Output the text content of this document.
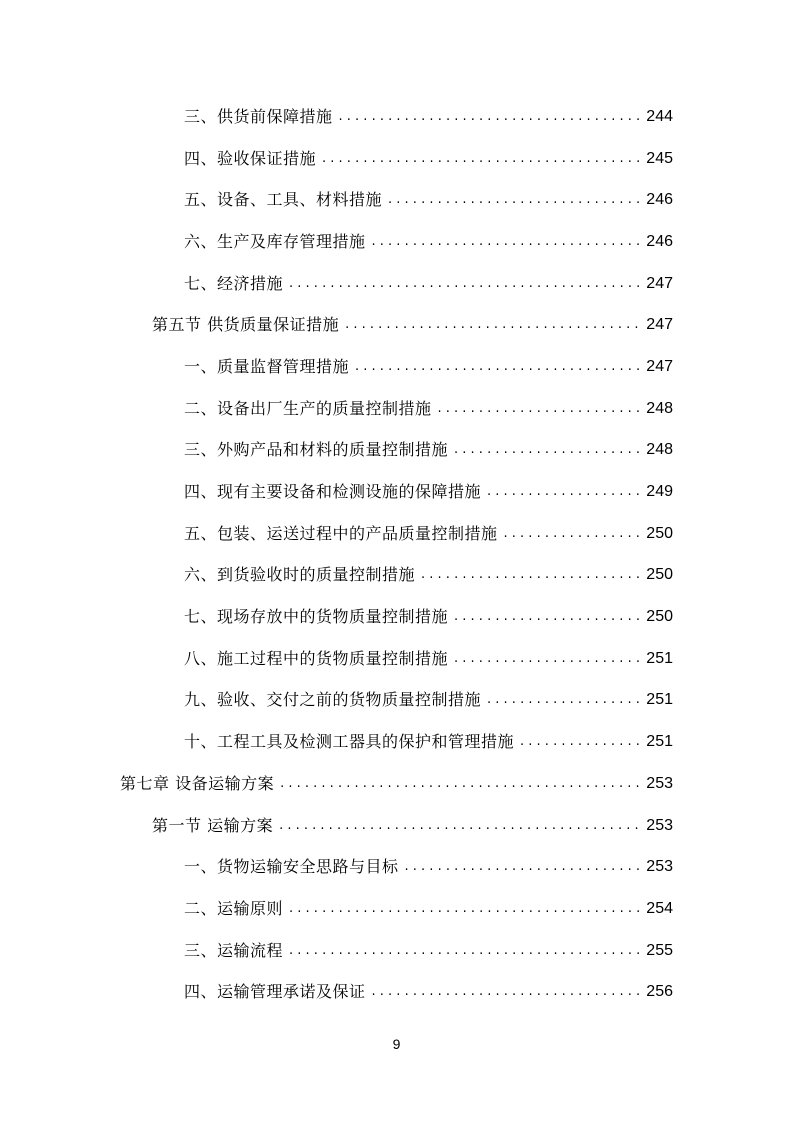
三、供货前保障措施 . . .	244
四、验收保证措施 . . .	245
五、设备、工具、材料措施 . . .	246
六、生产及库存管理措施 . . .	246
七、经济措施 . . .	247
第五节 供货质量保证措施 . . .	247
一、质量监督管理措施 . . .	247
二、设备出厂生产的质量控制措施 . . .	248
三、外购产品和材料的质量控制措施 . . .	248
四、现有主要设备和检测设施的保障措施 . . .	249
五、包装、运送过程中的产品质量控制措施 . . .	250
六、到货验收时的质量控制措施 . . .	250
七、现场存放中的货物质量控制措施 . . .	250
八、施工过程中的货物质量控制措施 . . .	251
九、验收、交付之前的货物质量控制措施 . . .	251
十、工程工具及检测工器具的保护和管理措施 . . .	251
第七章 设备运输方案 . . .	253
第一节 运输方案 . . .	253
一、货物运输安全思路与目标 . . .	253
二、运输原则 . . .	254
三、运输流程 . . .	255
四、运输管理承诺及保证 . . .	256
9
